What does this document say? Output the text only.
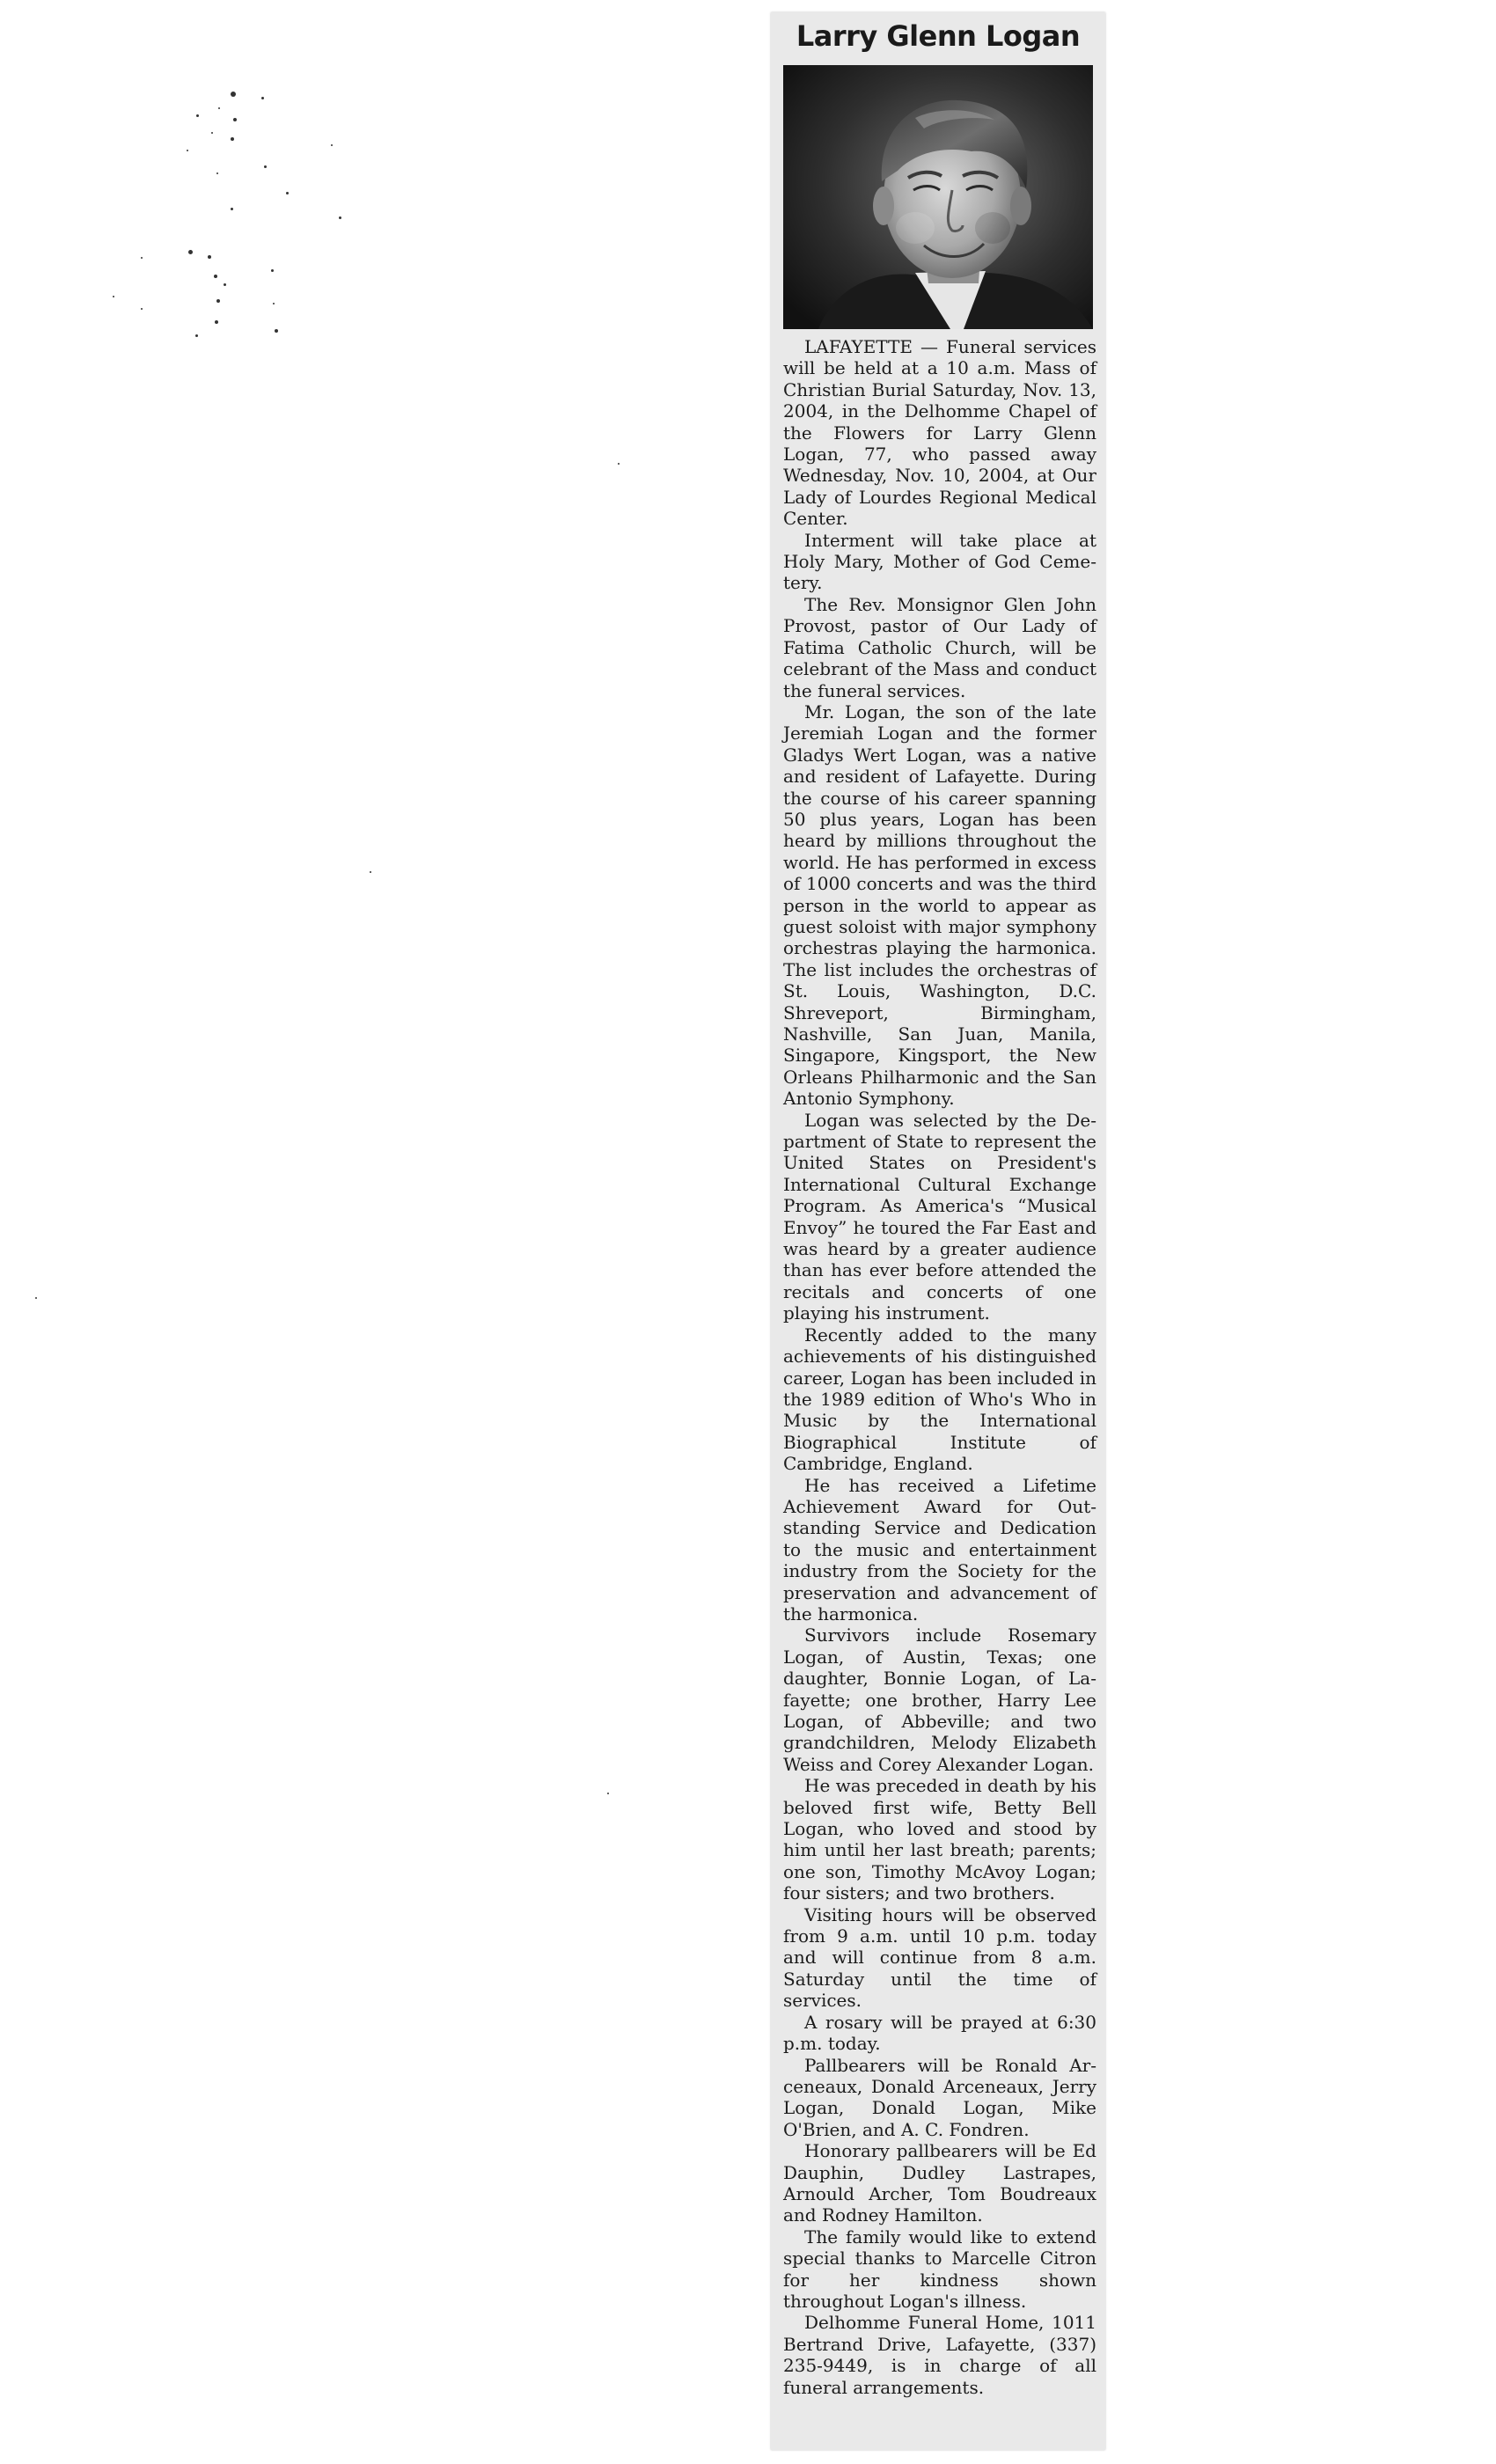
Larry Glenn Logan

LAFAYETTE — Funeral services will be held at a 10 a.m. Mass of Christian Burial Saturday, Nov. 13, 2004, in the Delhomme Chapel of the Flowers for Larry Glenn Logan, 77, who passed away Wednesday, Nov. 10, 2004, at Our Lady of Lourdes Regional Medical Center.

Interment will take place at Holy Mary, Mother of God Cemetery.

The Rev. Monsignor Glen John Provost, pastor of Our Lady of Fatima Catholic Church, will be celebrant of the Mass and conduct the funeral services.

Mr. Logan, the son of the late Jeremiah Logan and the former Gladys Wert Logan, was a native and resident of Lafayette. During the course of his career spanning 50 plus years, Logan has been heard by millions throughout the world. He has performed in excess of 1000 concerts and was the third person in the world to appear as guest soloist with major symphony orchestras playing the harmonica. The list includes the orchestras of St. Louis, Washington, D.C. Shreveport, Birmingham, Nashville, San Juan, Manila, Singapore, Kingsport, the New Orleans Philharmonic and the San Antonio Symphony.

Logan was selected by the Department of State to represent the United States on President's International Cultural Exchange Program. As America's “Musical Envoy” he toured the Far East and was heard by a greater audience than has ever before attended the recitals and concerts of one playing his instrument.

Recently added to the many achievements of his distinguished career, Logan has been included in the 1989 edition of Who's Who in Music by the International Biographical Institute of Cambridge, England.

He has received a Lifetime Achievement Award for Outstanding Service and Dedication to the music and entertainment industry from the Society for the preservation and advancement of the harmonica.

Survivors include Rosemary Logan, of Austin, Texas; one daughter, Bonnie Logan, of Lafayette; one brother, Harry Lee Logan, of Abbeville; and two grandchildren, Melody Elizabeth Weiss and Corey Alexander Logan.

He was preceded in death by his beloved first wife, Betty Bell Logan, who loved and stood by him until her last breath; parents; one son, Timothy McAvoy Logan; four sisters; and two brothers.

Visiting hours will be observed from 9 a.m. until 10 p.m. today and will continue from 8 a.m. Saturday until the time of services.

A rosary will be prayed at 6:30 p.m. today.

Pallbearers will be Ronald Arceneaux, Donald Arceneaux, Jerry Logan, Donald Logan, Mike O'Brien, and A. C. Fondren.

Honorary pallbearers will be Ed Dauphin, Dudley Lastrapes, Arnould Archer, Tom Boudreaux and Rodney Hamilton.

The family would like to extend special thanks to Marcelle Citron for her kindness shown throughout Logan's illness.

Delhomme Funeral Home, 1011 Bertrand Drive, Lafayette, (337) 235-9449, is in charge of all funeral arrangements.
